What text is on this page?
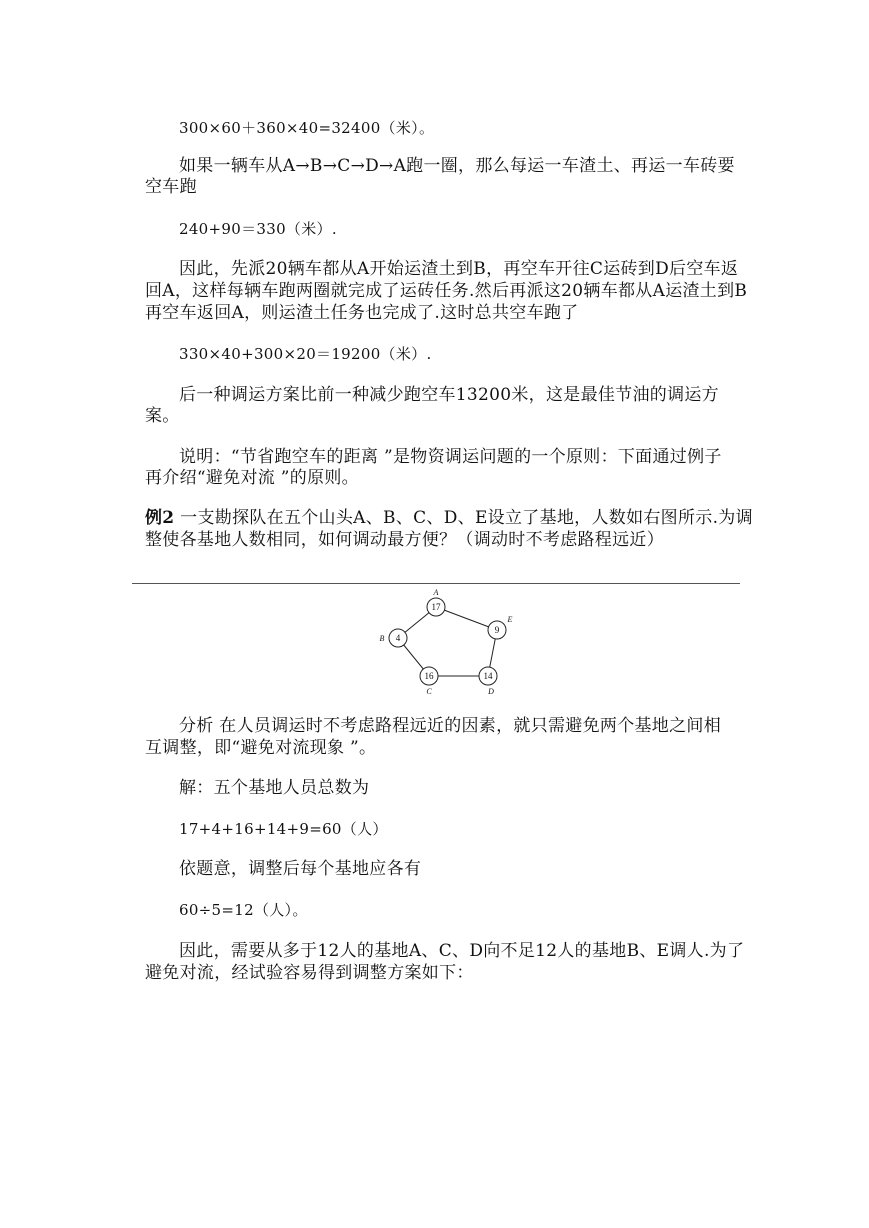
300×60＋360×40=32400（米）。
如果一辆车从A→B→C→D→A跑一圈，那么每运一车渣土、再运一车砖要
空车跑
240+90＝330（米）.
因此，先派20辆车都从A开始运渣土到B，再空车开往C运砖到D后空车返
回A，这样每辆车跑两圈就完成了运砖任务.然后再派这20辆车都从A运渣土到B
再空车返回A，则运渣土任务也完成了.这时总共空车跑了
330×40+300×20＝19200（米）.
后一种调运方案比前一种减少跑空车13200米，这是最佳节油的调运方
案。
说明：“节省跑空车的距离 ”是物资调运问题的一个原则：下面通过例子
再介绍“避免对流 ”的原则。
例2 一支勘探队在五个山头A、B、C、D、E设立了基地，人数如右图所示.为调
整使各基地人数相同，如何调动最方便？（调动时不考虑路程远近）
17
9
14
16
4
A
E
D
C
B
分析 在人员调运时不考虑路程远近的因素，就只需避免两个基地之间相
互调整，即“避免对流现象 ”。
解：五个基地人员总数为
17+4+16+14+9=60（人）
依题意，调整后每个基地应各有
60÷5=12（人）。
因此，需要从多于12人的基地A、C、D向不足12人的基地B、E调人.为了
避免对流，经试验容易得到调整方案如下：
